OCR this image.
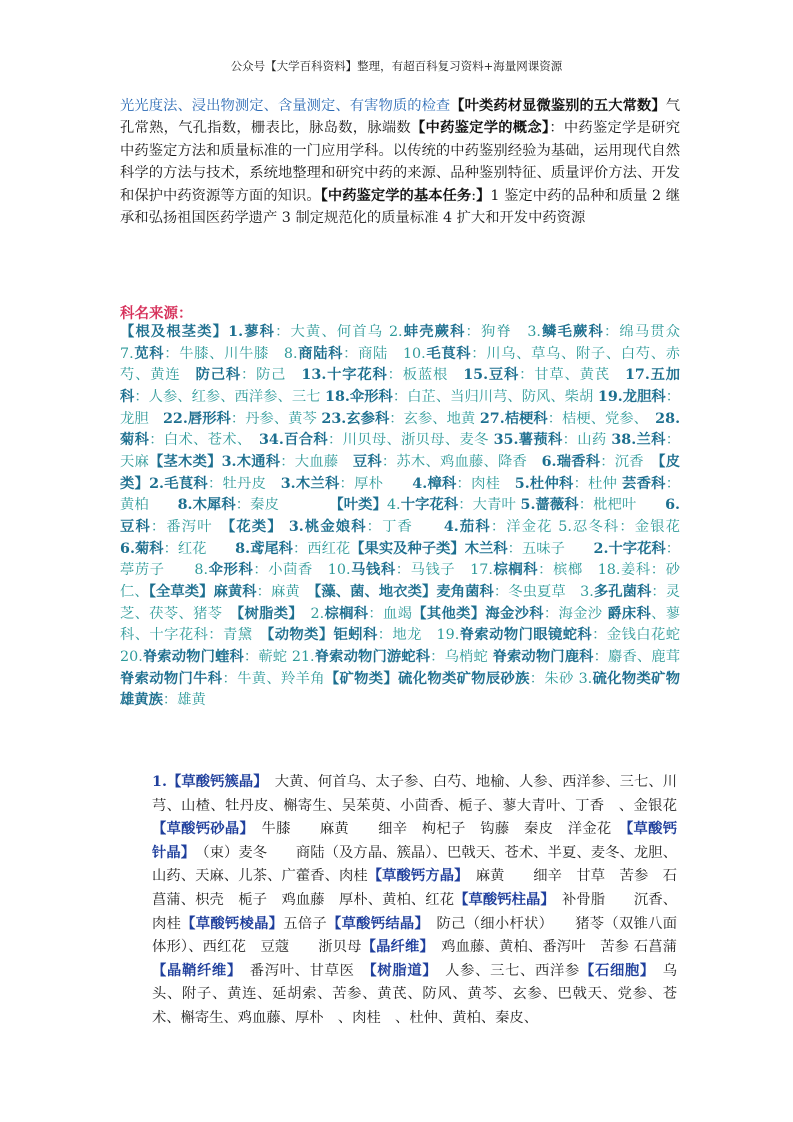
公众号【大学百科资料】整理，有超百科复习资料+海量网课资源
光光度法、浸出物测定、含量测定、有害物质的检查【叶类药材显微鉴别的五大常数】气孔常熟，气孔指数，栅表比，脉岛数，脉端数【中药鉴定学的概念】：中药鉴定学是研究中药鉴定方法和质量标准的一门应用学科。以传统的中药鉴别经验为基础，运用现代自然科学的方法与技术，系统地整理和研究中药的来源、品种鉴别特征、质量评价方法、开发和保护中药资源等方面的知识。【中药鉴定学的基本任务:】1 鉴定中药的品种和质量 2 继承和弘扬祖国医药学遗产 3 制定规范化的质量标准 4 扩大和开发中药资源
科名来源：
【根及根茎类】1.蓼科：大黄、何首乌 2.蚌壳蕨科：狗脊　3.鳞毛蕨科：绵马贯众　　7.苋科：牛膝、川牛膝　8.商陆科：商陆　10.毛茛科：川乌、草乌、附子、白芍、赤芍、黄连　防己科：防己　13.十字花科：板蓝根　15.豆科：甘草、黄芪　17.五加科：人参、红参、西洋参、三七 18.伞形科：白芷、当归川芎、防风、柴胡 19.龙胆科：龙胆　22.唇形科：丹参、黄芩 23.玄参科：玄参、地黄 27.桔梗科：桔梗、党参、　28.菊科：白术、苍术、　34.百合科：川贝母、浙贝母、麦冬 35.薯蓣科：山药 38.兰科：天麻【茎木类】3.木通科：大血藤　豆科：苏木、鸡血藤、降香　6.瑞香科：沉香　【皮类】2.毛茛科：牡丹皮　3.木兰科：厚朴　　4.樟科：肉桂　5.杜仲科：杜仲 芸香科：黄柏　　8.木犀科：秦皮　　　　【叶类】4.十字花科：大青叶 5.蔷薇科：枇杷叶　　6.豆科：番泻叶　【花类】 3.桃金娘科：丁香　　4.茄科：洋金花 5.忍冬科：金银花　　6.菊科：红花　　8.鸢尾科：西红花【果实及种子类】木兰科：五味子　　2.十字花科：葶苈子　　8.伞形科：小茴香　10.马钱科：马钱子　17.棕榈科：槟榔　18.姜科：砂仁、【全草类】麻黄科：麻黄　【藻、菌、地衣类】麦角菌科：冬虫夏草　3.多孔菌科：灵芝、茯苓、猪苓　【树脂类】　2.棕榈科：血竭【其他类】海金沙科：海金沙 爵床科、蓼科、十字花科：青黛　【动物类】钜蚓科：地龙　19.脊索动物门眼镜蛇科：金钱白花蛇　20.脊索动物门蝰科：蕲蛇 21.脊索动物门游蛇科：乌梢蛇 脊索动物门鹿科：麝香、鹿茸 脊索动物门牛科：牛黄、羚羊角【矿物类】硫化物类矿物辰砂族：朱砂 3.硫化物类矿物雄黄族：雄黄
1.【草酸钙簇晶】　大黄、何首乌、太子参、白芍、地榆、人参、西洋参、三七、川芎、山楂、牡丹皮、槲寄生、吴茱萸、小茴香、栀子、蓼大青叶、丁香　、金银花【草酸钙砂晶】　牛膝　　麻黄　　细辛　枸杞子　钩藤　秦皮　洋金花　【草酸钙针晶】　（束）麦冬　　商陆（及方晶、簇晶）、巴戟天、苍术、半夏、麦冬、龙胆、山药、天麻、儿茶、广藿香、肉桂【草酸钙方晶】　麻黄　　细辛　甘草　苦参　石菖蒲、枳壳　栀子　鸡血藤　厚朴、黄柏、红花【草酸钙柱晶】　补骨脂　　沉香、肉桂【草酸钙棱晶】五倍子【草酸钙结晶】　防己（细小杆状）　　猪苓（双锥八面体形）、西红花　豆蔻　　浙贝母【晶纤维】　鸡血藤、黄柏、番泻叶　苦参 石菖蒲 【晶鞘纤维】　番泻叶、甘草医　【树脂道】　人参、三七、西洋参【石细胞】　乌头、附子、黄连、延胡索、苦参、黄芪、防风、黄芩、玄参、巴戟天、党参、苍术、槲寄生、鸡血藤、厚朴　、肉桂　、杜仲、黄柏、秦皮、
